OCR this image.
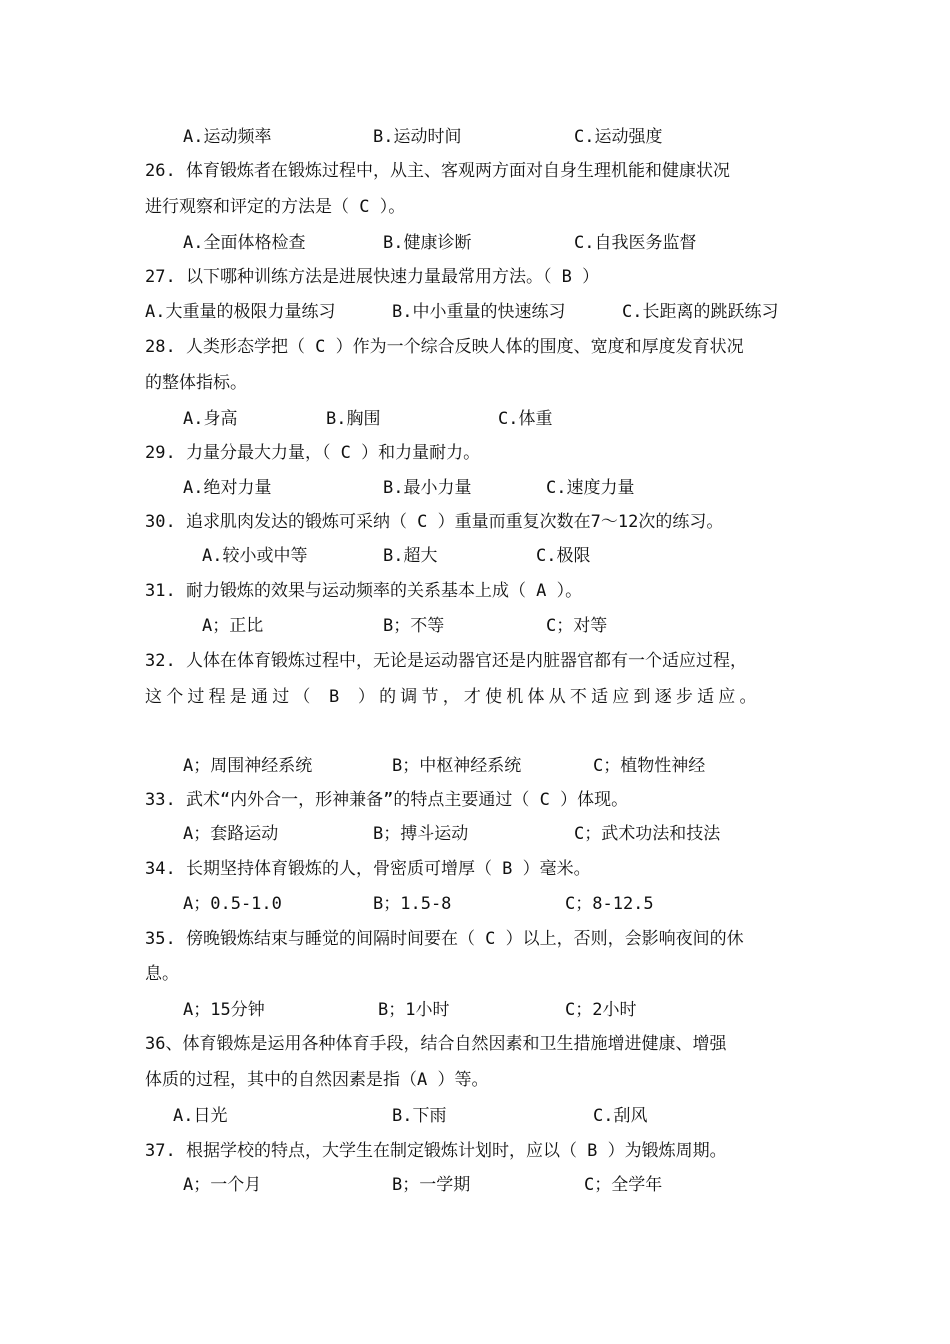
A.运动频率	B.运动时间	C.运动强度
26. 体育锻炼者在锻炼过程中，从主、客观两方面对自身生理机能和健康状况
进行观察和评定的方法是（ C ）。
A.全面体格检查	B.健康诊断	C.自我医务监督
27. 以下哪种训练方法是进展快速力量最常用方法。（ B ）
A.大重量的极限力量练习	B.中小重量的快速练习	C.长距离的跳跃练习
28. 人类形态学把（ C ）作为一个综合反映人体的围度、宽度和厚度发育状况
的整体指标。
A.身高	B.胸围	C.体重
29. 力量分最大力量，（ C ）和力量耐力。
A.绝对力量	B.最小力量	C.速度力量
30. 追求肌肉发达的锻炼可采纳（ C ）重量而重复次数在7～12次的练习。
A.较小或中等	B.超大	C.极限
31. 耐力锻炼的效果与运动频率的关系基本上成（ A ）。
A；正比	B；不等	C；对等
32. 人体在体育锻炼过程中，无论是运动器官还是内脏器官都有一个适应过程，
这个过程是通过（ B ）的调节，才使机体从不适应到逐步适应。
A；周围神经系统	B；中枢神经系统	C；植物性神经
33. 武术“内外合一，形神兼备”的特点主要通过（ C ）体现。
A；套路运动	B；搏斗运动	C；武术功法和技法
34. 长期坚持体育锻炼的人，骨密质可增厚（ B ）毫米。
A；0.5-1.0	B；1.5-8	C；8-12.5
35. 傍晚锻炼结束与睡觉的间隔时间要在（ C ）以上，否则，会影响夜间的休
息。
A；15分钟	B；1小时	C；2小时
36、体育锻炼是运用各种体育手段，结合自然因素和卫生措施增进健康、增强
体质的过程，其中的自然因素是指（A ）等。
A.日光	B.下雨	C.刮风
37. 根据学校的特点，大学生在制定锻炼计划时，应以（ B ）为锻炼周期。
A；一个月	B；一学期	C；全学年
